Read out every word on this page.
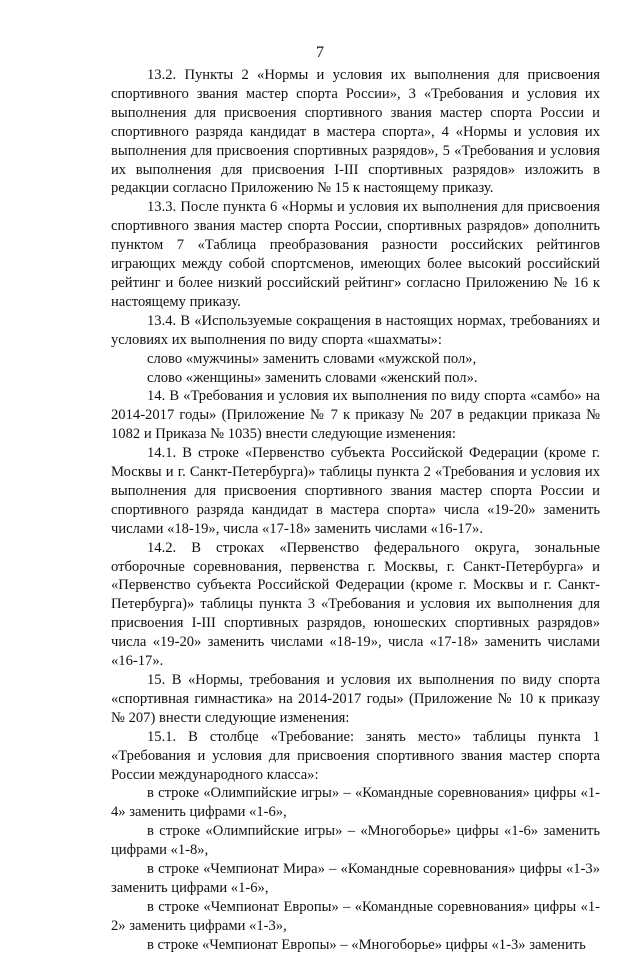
7

13.2. Пункты 2 «Нормы и условия их выполнения для присвоения спортивного звания мастер спорта России», 3 «Требования и условия их выполнения для присвоения спортивного звания мастер спорта России и спортивного разряда кандидат в мастера спорта», 4 «Нормы и условия их выполнения для присвоения спортивных разрядов», 5 «Требования и условия их выполнения для присвоения I-III спортивных разрядов» изложить в редакции согласно Приложению № 15 к настоящему приказу.

13.3. После пункта 6 «Нормы и условия их выполнения для присвоения спортивного звания мастер спорта России, спортивных разрядов» дополнить пунктом 7 «Таблица преобразования разности российских рейтингов играющих между собой спортсменов, имеющих более высокий российский рейтинг и более низкий российский рейтинг» согласно Приложению № 16 к настоящему приказу.

13.4. В «Используемые сокращения в настоящих нормах, требованиях и условиях их выполнения по виду спорта «шахматы»:

слово «мужчины» заменить словами «мужской пол»,

слово «женщины» заменить словами «женский пол».

14. В «Требования и условия их выполнения по виду спорта «самбо» на 2014-2017 годы» (Приложение № 7 к приказу № 207 в редакции приказа № 1082 и Приказа № 1035) внести следующие изменения:

14.1. В строке «Первенство субъекта Российской Федерации (кроме г. Москвы и г. Санкт-Петербурга)» таблицы пункта 2 «Требования и условия их выполнения для присвоения спортивного звания мастер спорта России и спортивного разряда кандидат в мастера спорта» числа «19-20» заменить числами «18-19», числа «17-18» заменить числами «16-17».

14.2. В строках «Первенство федерального округа, зональные отборочные соревнования, первенства г. Москвы, г. Санкт-Петербурга» и «Первенство субъекта Российской Федерации (кроме г. Москвы и г. Санкт-Петербурга)» таблицы пункта 3 «Требования и условия их выполнения для присвоения I-III спортивных разрядов, юношеских спортивных разрядов» числа «19-20» заменить числами «18-19», числа «17-18» заменить числами «16-17».

15. В «Нормы, требования и условия их выполнения по виду спорта «спортивная гимнастика» на 2014-2017 годы» (Приложение № 10 к приказу № 207) внести следующие изменения:

15.1. В столбце «Требование: занять место» таблицы пункта 1 «Требования и условия для присвоения спортивного звания мастер спорта России международного класса»:

в строке «Олимпийские игры» – «Командные соревнования» цифры «1-4» заменить цифрами «1-6»,

в строке «Олимпийские игры» – «Многоборье» цифры «1-6» заменить цифрами «1-8»,

в строке «Чемпионат Мира» – «Командные соревнования» цифры «1-3» заменить цифрами «1-6»,

в строке «Чемпионат Европы» – «Командные соревнования» цифры «1-2» заменить цифрами «1-3»,

в строке «Чемпионат Европы» – «Многоборье» цифры «1-3» заменить
